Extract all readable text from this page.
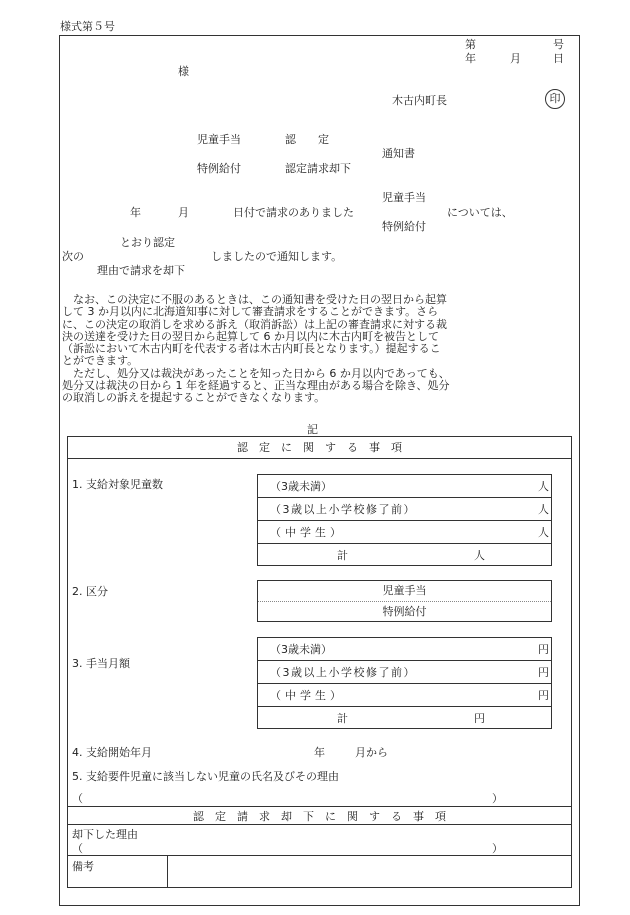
様式第５号
第	号
年	月	日
様
木古内町長	印
児童手当	認　　定
通知書
特例給付	認定請求却下
児童手当
年	月	日付で請求のありました	については、
特例給付
とおり認定
次の	しましたので通知します。
理由で請求を却下
なお、この決定に不服のあるときは、この通知書を受けた日の翌日から起算
して 3 か月以内に北海道知事に対して審査請求をすることができます。さら
に、この決定の取消しを求める訴え（取消訴訟）は上記の審査請求に対する裁
決の送達を受けた日の翌日から起算して 6 か月以内に木古内町を被告として
（訴訟において木古内町を代表する者は木古内町長となります。）提起するこ
とができます。
ただし、処分又は裁決があったことを知った日から 6 か月以内であっても、
処分又は裁決の日から 1 年を経過すると、正当な理由がある場合を除き、処分
の取消しの訴えを提起することができなくなります。
記
認　定　に　関　す　る　事　項
1. 支給対象児童数	（3歳未満）	人
（3歳以上小学校修了前）	人
（中学生）	人
計	人
2. 区分	児童手当
特例給付
3. 手当月額
（3歳未満）	円
（3歳以上小学校修了前）	円
（中学生）	円
計	円
4. 支給開始年月	年	月から
5. 支給要件児童に該当しない児童の氏名及びその理由
（	）
認　定　請　求　却　下　に　関　す　る　事　項
却下した理由
（	）
備考
